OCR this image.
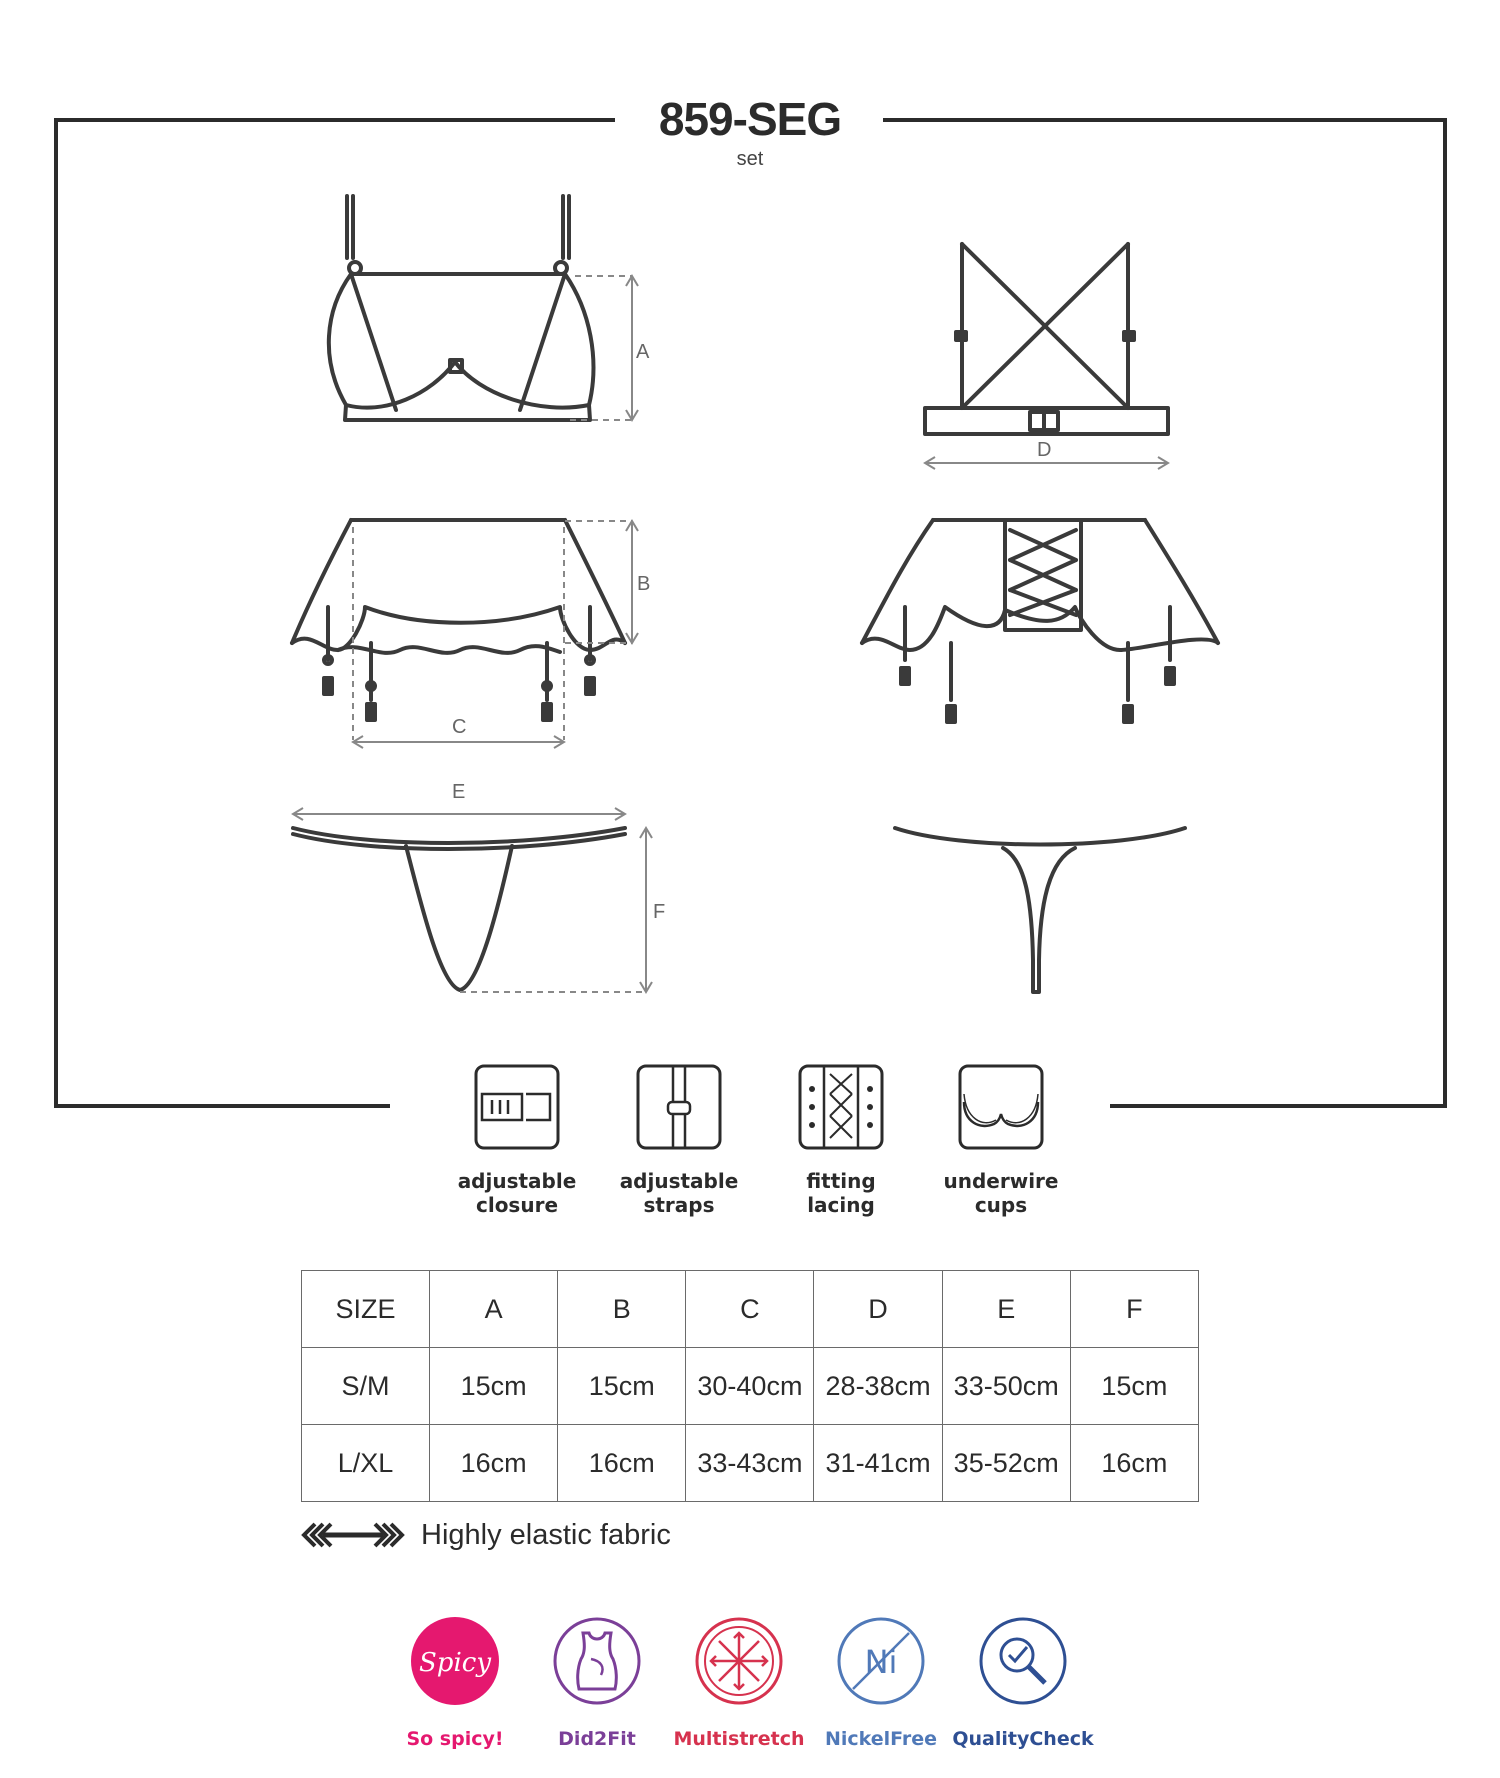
A
D
B
C
E
F
859-SEG
set
adjustable
closure
adjustable
straps
fitting
lacing
underwire
cups
SIZE	A	B	C	D	E	F
S/M	15cm	15cm	30-40cm	28-38cm	33-50cm	15cm
L/XL	16cm	16cm	33-43cm	31-41cm	35-52cm	16cm
Highly elastic fabric
Spicy
So spicy!	Did2Fit	Multistretch
Ni
NickelFree QualityCheck
